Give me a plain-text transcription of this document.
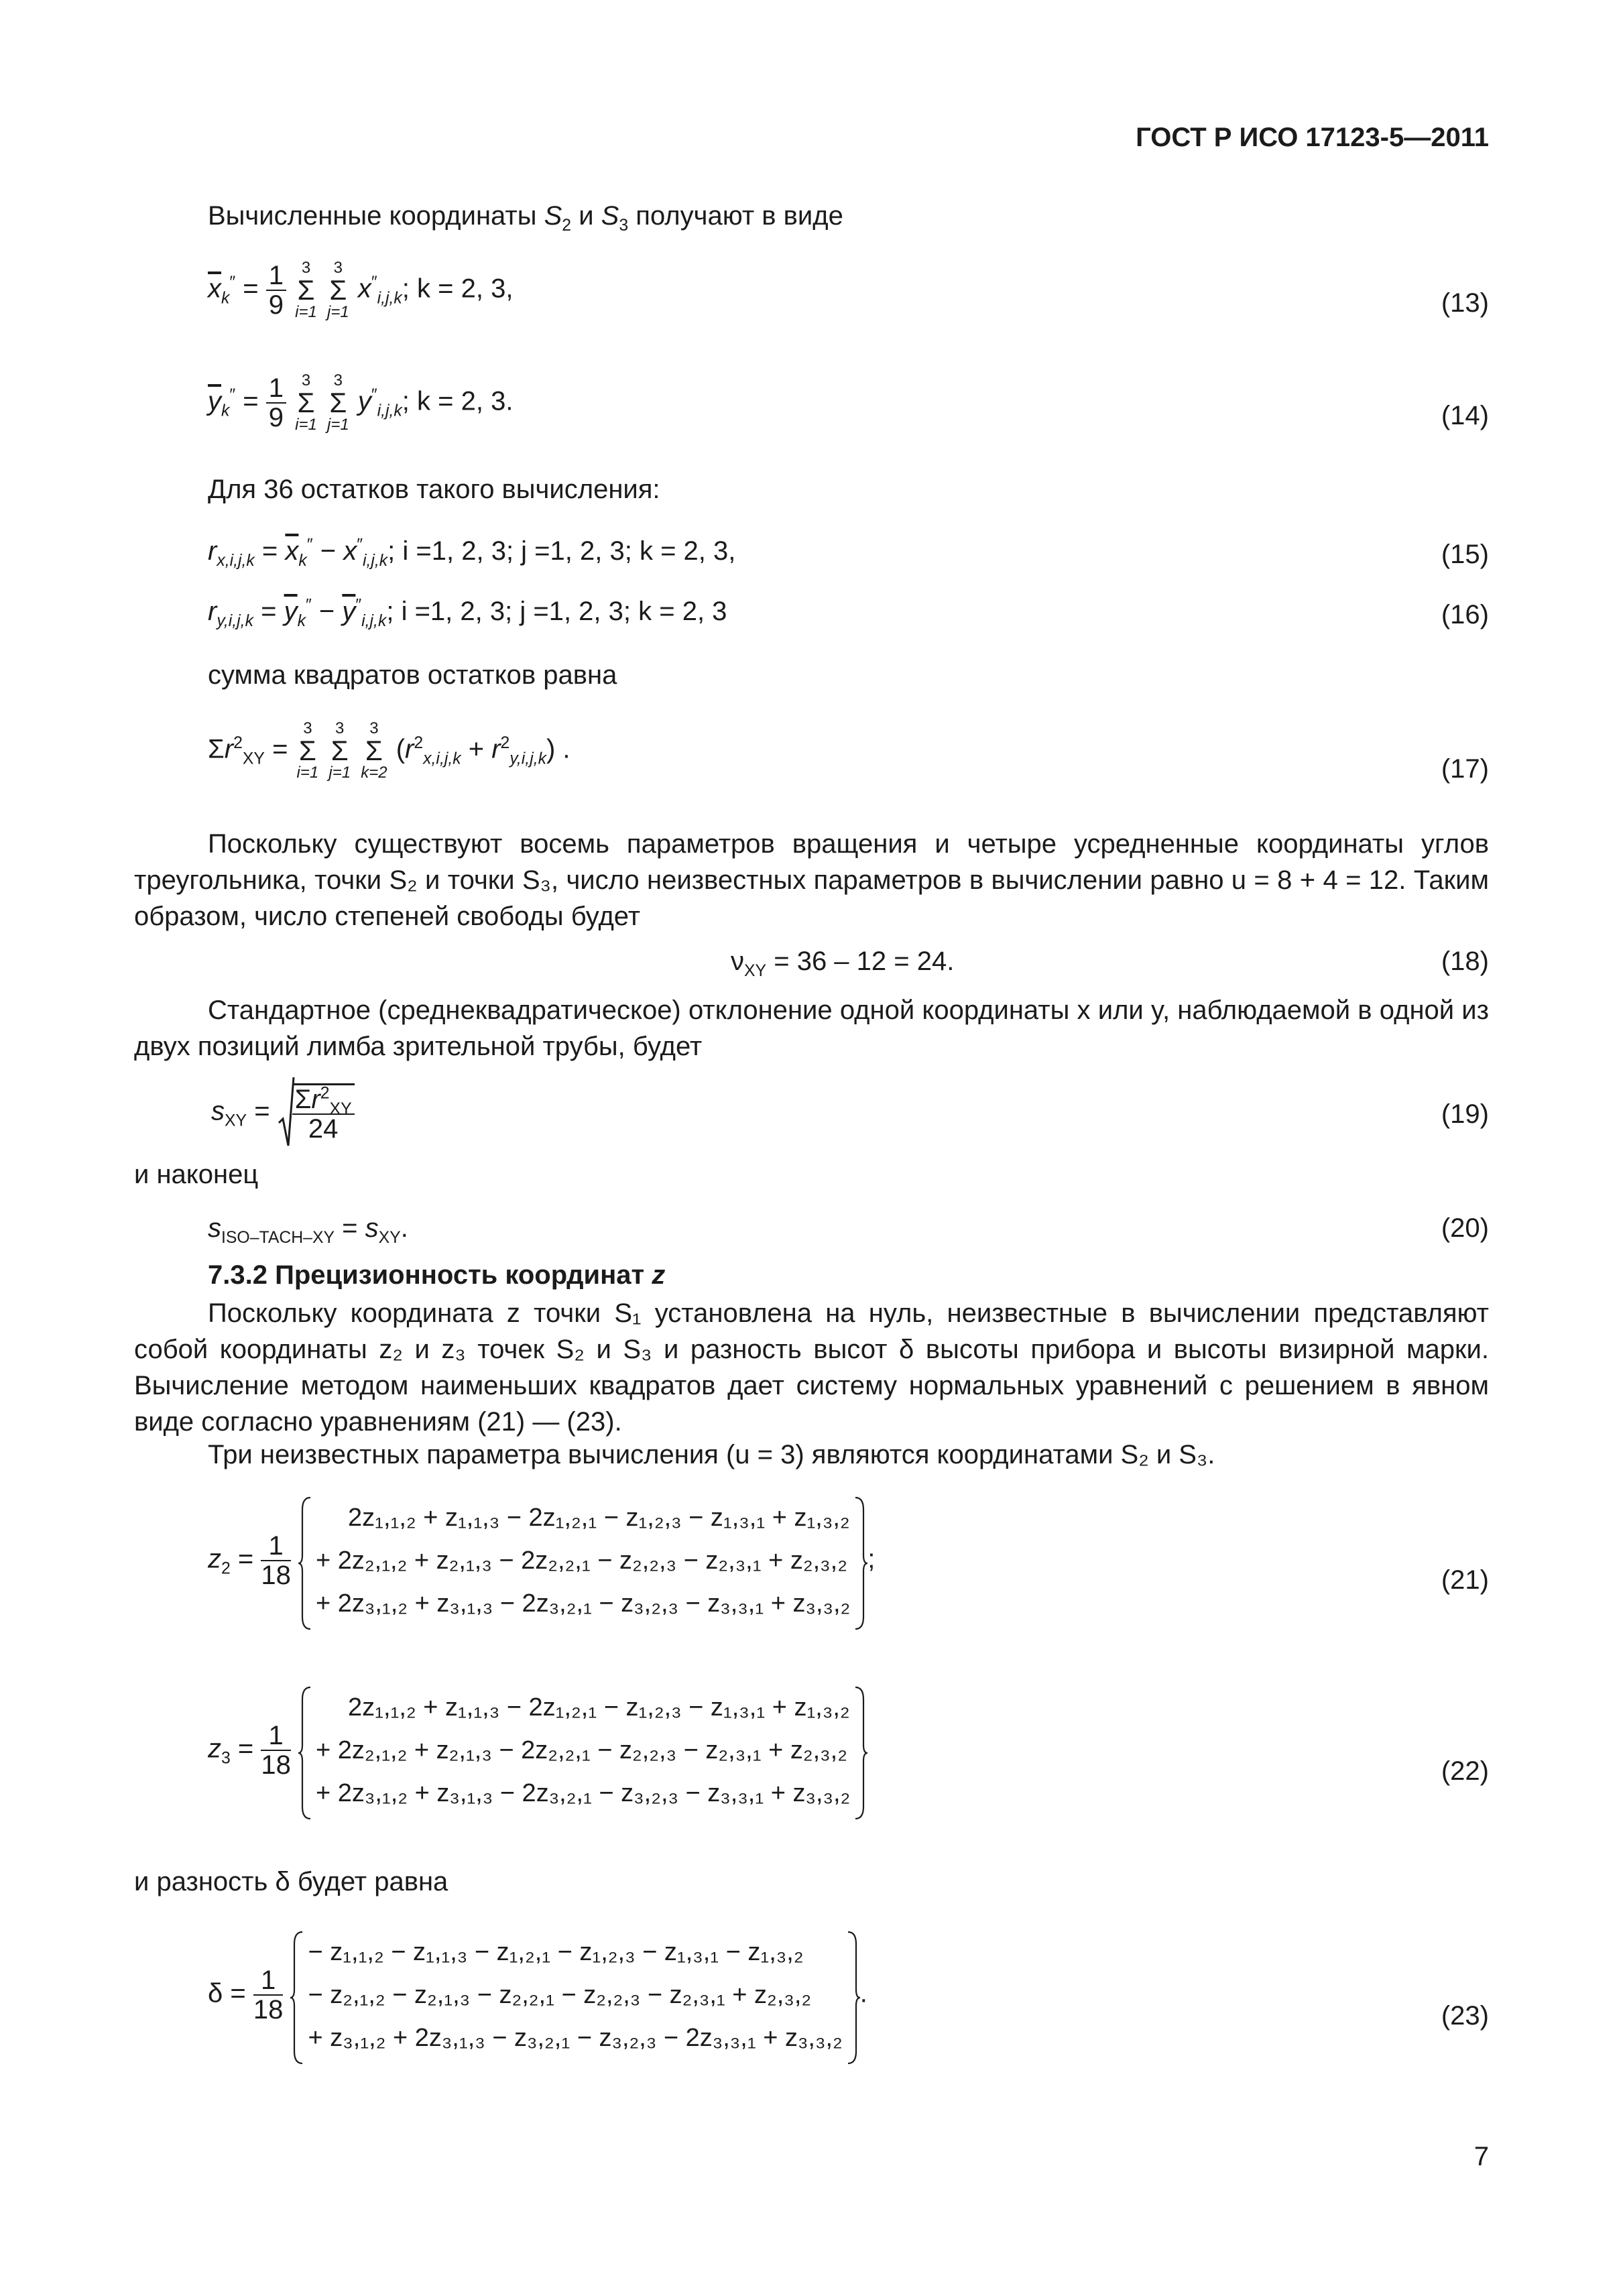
ГОСТ Р ИСО 17123-5—2011
Вычисленные координаты $S_2$ и $S_3$ получают в виде
$\overline{x}_k'' = \frac{1}{9}$
3
Σ
i=1

3
Σ
j=1
$x''_{i,j,k}$; k = 2, 3,	(13)
$\overline{y}_k'' = \frac{1}{9}$
3
Σ
i=1

3
Σ
j=1
$y''_{i,j,k}$; k = 2, 3.	(14)
Для 36 остатков такого вычисления:
$r_{x,i,j,k} = \overline{x}_k'' - x''_{i,j,k}$; i =1, 2, 3; j =1, 2, 3; k = 2, 3,	(15)
$r_{y,i,j,k} = \overline{y}_k'' - \overline{y}''_{i,j,k}$; i =1, 2, 3; j =1, 2, 3; k = 2, 3	(16)
сумма квадратов остатков равна
$\Sigma r^2_{XY}$ =
3
Σ
i=1

3
Σ
j=1

3
Σ
k=2
$(r^2_{x,i,j,k} + r^2_{y,i,j,k})$ .
(17)
Поскольку существуют восемь параметров вращения и четыре усредненные координаты углов треугольника, точки S₂ и точки S₃, число неизвестных параметров в вычислении равно u = 8 + 4 = 12. Таким образом, число степеней свободы будет
$\nu_{XY} = 36 - 12 = 24$.	(18)
Стандартное (среднеквадратическое) отклонение одной координаты x или y, наблюдаемой в одной из двух позиций лимба зрительной трубы, будет
$s_{XY} = \frac{\Sigma r^2_{XY}}{24}$	(19)
и наконец
$s_{ISO-TACH-XY} = s_{XY}$.	(20)
7.3.2 Прецизионность координат z
Поскольку координата z точки S₁ установлена на нуль, неизвестные в вычислении представляют собой координаты z₂ и z₃ точек S₂ и S₃ и разность высот δ высоты прибора и высоты визирной марки. Вычисление методом наименьших квадратов дает систему нормальных уравнений с решением в явном виде согласно уравнениям (21) — (23).
Три неизвестных параметра вычисления (u = 3) являются координатами S₂ и S₃.
$z_2 = \frac{1}{18}$

2z₁,₁,₂ + z₁,₁,₃ − 2z₁,₂,₁ − z₁,₂,₃ − z₁,₃,₁ + z₁,₃,₂
+ 2z₂,₁,₂ + z₂,₁,₃ − 2z₂,₂,₁ − z₂,₂,₃ − z₂,₃,₁ + z₂,₃,₂
+ 2z₃,₁,₂ + z₃,₁,₃ − 2z₃,₂,₁ − z₃,₂,₃ − z₃,₃,₁ + z₃,₃,₂
;
(21)
$z_3 = \frac{1}{18}$

2z₁,₁,₂ + z₁,₁,₃ − 2z₁,₂,₁ − z₁,₂,₃ − z₁,₃,₁ + z₁,₃,₂
+ 2z₂,₁,₂ + z₂,₁,₃ − 2z₂,₂,₁ − z₂,₂,₃ − z₂,₃,₁ + z₂,₃,₂
+ 2z₃,₁,₂ + z₃,₁,₃ − 2z₃,₂,₁ − z₃,₂,₃ − z₃,₃,₁ + z₃,₃,₂
(22)
и разность δ будет равна
$\delta = \frac{1}{18}$

− z₁,₁,₂ − z₁,₁,₃ − z₁,₂,₁ − z₁,₂,₃ − z₁,₃,₁ − z₁,₃,₂
− z₂,₁,₂ − z₂,₁,₃ − z₂,₂,₁ − z₂,₂,₃ − z₂,₃,₁ + z₂,₃,₂
+ z₃,₁,₂ + 2z₃,₁,₃ − z₃,₂,₁ − z₃,₂,₃ − 2z₃,₃,₁ + z₃,₃,₂
.
(23)
7
